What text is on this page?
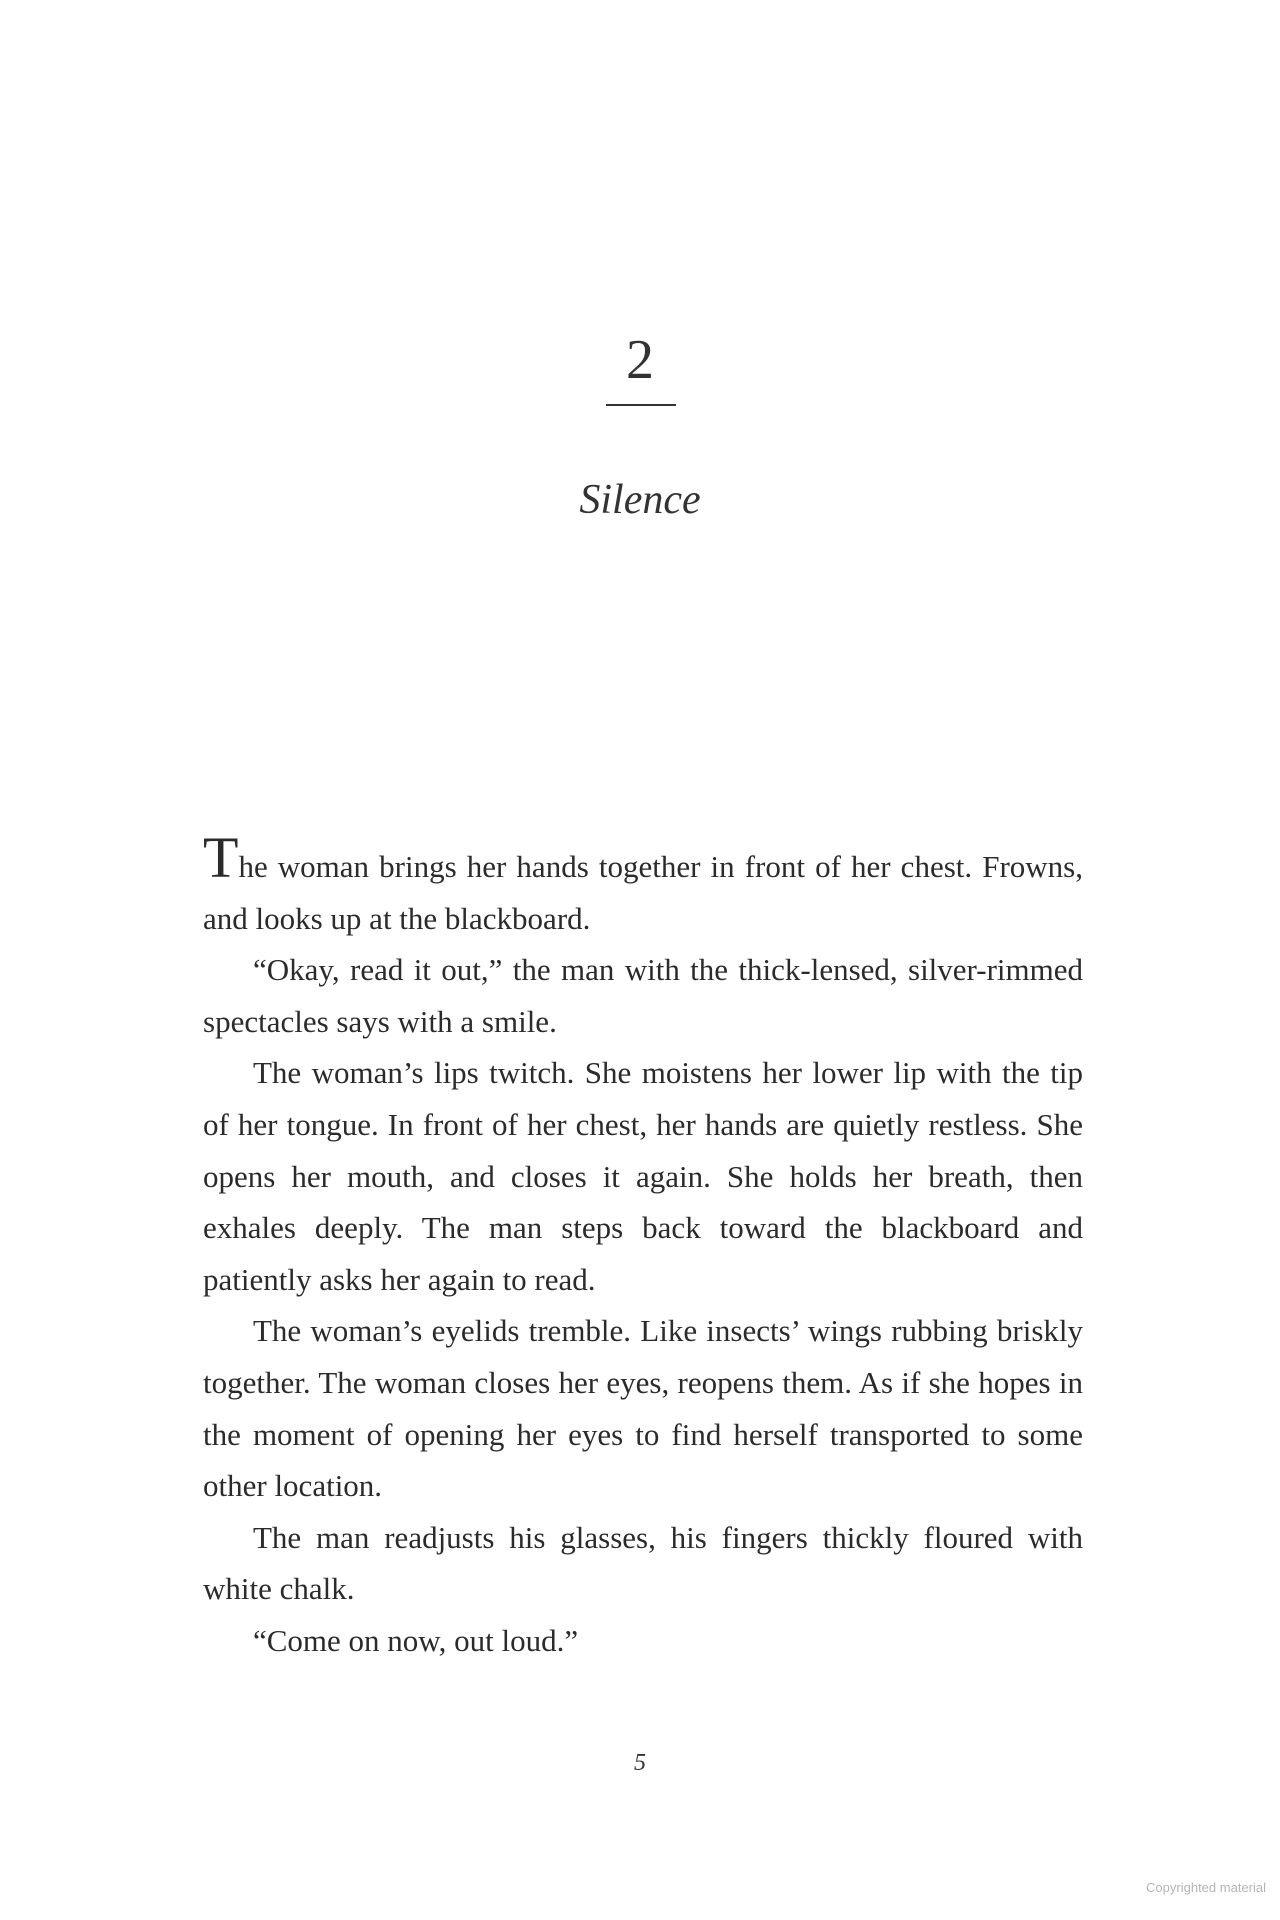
2
Silence

The woman brings her hands together in front of her chest. Frowns, and looks up at the blackboard.

“Okay, read it out,” the man with the thick-lensed, silver-rimmed spectacles says with a smile.

The woman’s lips twitch. She moistens her lower lip with the tip of her tongue. In front of her chest, her hands are quietly restless. She opens her mouth, and closes it again. She holds her breath, then exhales deeply. The man steps back toward the blackboard and patiently asks her again to read.

The woman’s eyelids tremble. Like insects’ wings rubbing briskly together. The woman closes her eyes, reopens them. As if she hopes in the moment of opening her eyes to find herself transported to some other location.

The man readjusts his glasses, his fingers thickly floured with white chalk.

“Come on now, out loud.”

5
Copyrighted material
